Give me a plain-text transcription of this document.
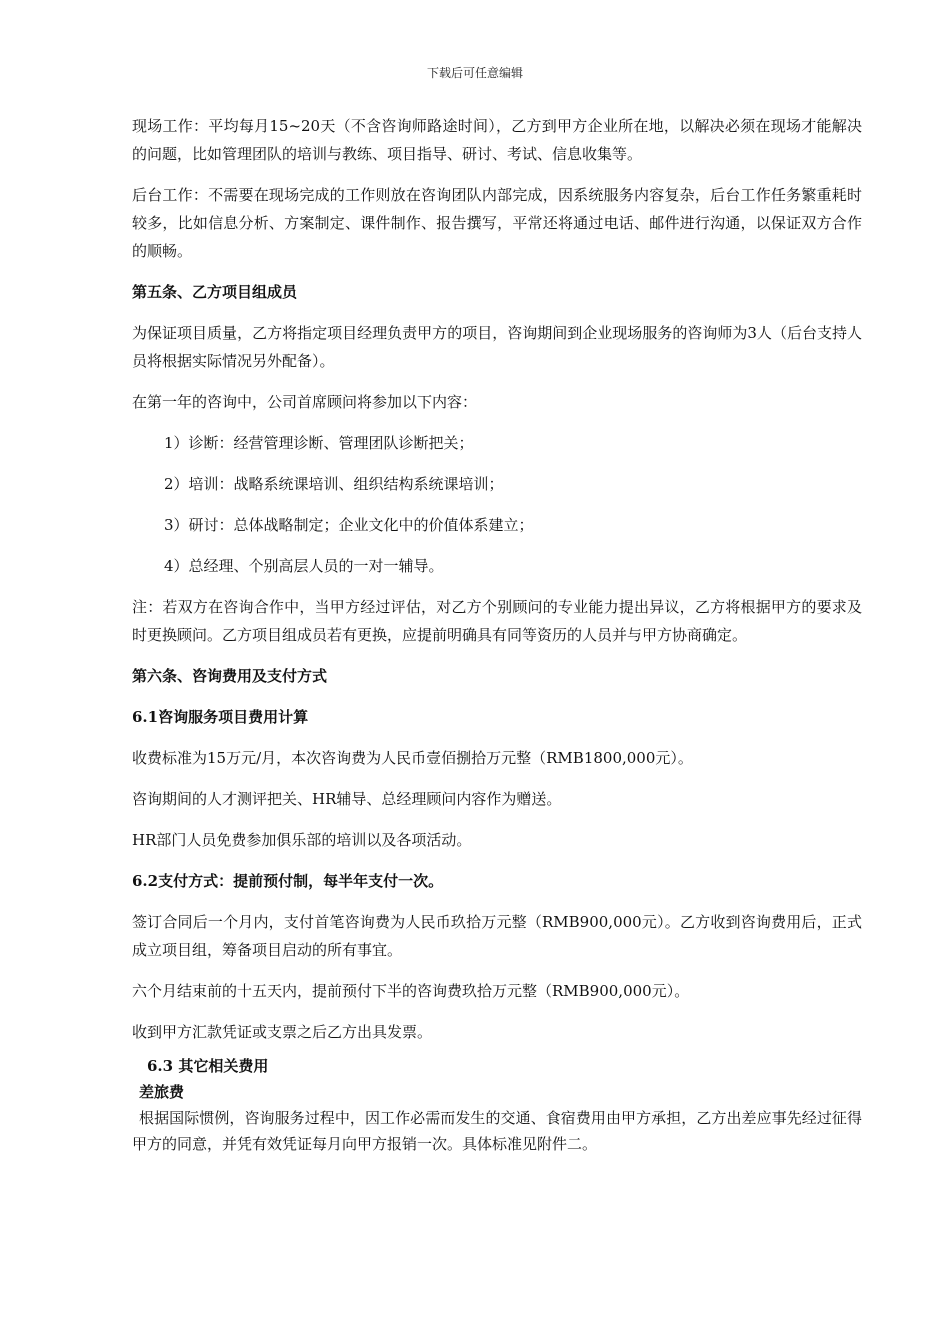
下载后可任意编辑

现场工作：平均每月15~20天（不含咨询师路途时间），乙方到甲方企业所在地，以解决必须在现场才能解决的问题，比如管理团队的培训与教练、项目指导、研讨、考试、信息收集等。

后台工作：不需要在现场完成的工作则放在咨询团队内部完成，因系统服务内容复杂，后台工作任务繁重耗时较多，比如信息分析、方案制定、课件制作、报告撰写，平常还将通过电话、邮件进行沟通，以保证双方合作的顺畅。

第五条、乙方项目组成员

为保证项目质量，乙方将指定项目经理负责甲方的项目，咨询期间到企业现场服务的咨询师为3人（后台支持人员将根据实际情况另外配备）。

在第一年的咨询中，公司首席顾问将参加以下内容：

1）诊断：经营管理诊断、管理团队诊断把关；

2）培训：战略系统课培训、组织结构系统课培训；

3）研讨：总体战略制定；企业文化中的价值体系建立；

4）总经理、个别高层人员的一对一辅导。

注：若双方在咨询合作中，当甲方经过评估，对乙方个别顾问的专业能力提出异议，乙方将根据甲方的要求及时更换顾问。乙方项目组成员若有更换，应提前明确具有同等资历的人员并与甲方协商确定。

第六条、咨询费用及支付方式

6.1咨询服务项目费用计算

收费标准为15万元/月，本次咨询费为人民币壹佰捌拾万元整（RMB1800,000元）。

咨询期间的人才测评把关、HR辅导、总经理顾问内容作为赠送。

HR部门人员免费参加俱乐部的培训以及各项活动。

6.2支付方式：提前预付制，每半年支付一次。

签订合同后一个月内，支付首笔咨询费为人民币玖拾万元整（RMB900,000元）。乙方收到咨询费用后，正式成立项目组，筹备项目启动的所有事宜。

六个月结束前的十五天内，提前预付下半的咨询费玖拾万元整（RMB900,000元）。

收到甲方汇款凭证或支票之后乙方出具发票。

6.3 其它相关费用

差旅费

根据国际惯例，咨询服务过程中，因工作必需而发生的交通、食宿费用由甲方承担，乙方出差应事先经过征得甲方的同意，并凭有效凭证每月向甲方报销一次。具体标准见附件二。
